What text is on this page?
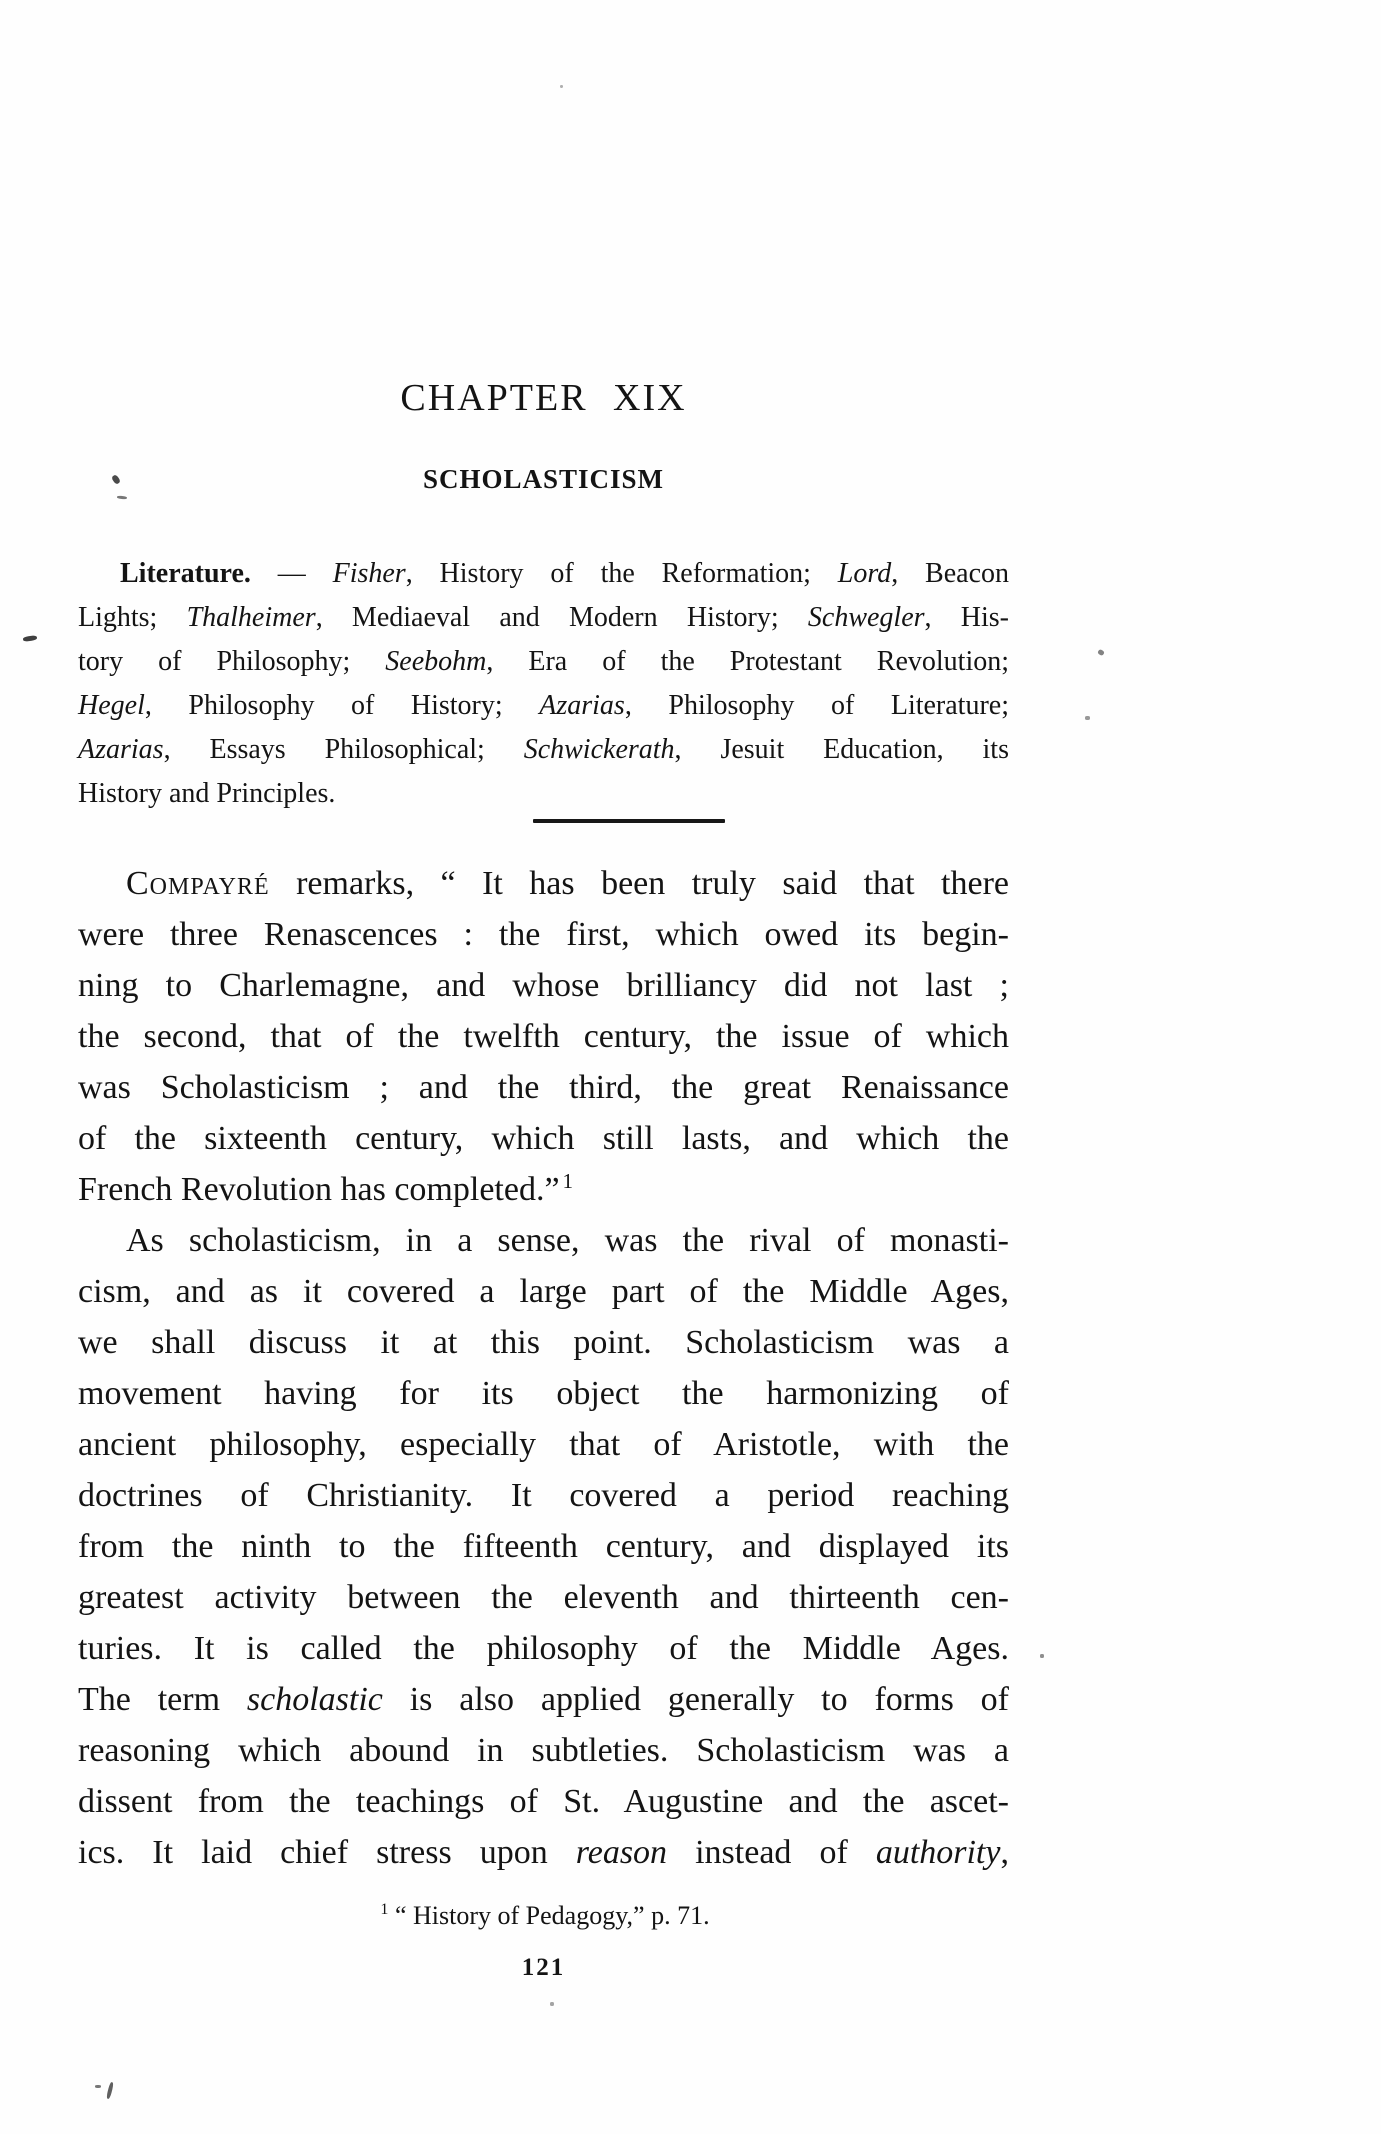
CHAPTER XIX
SCHOLASTICISM
Literature. — Fisher, History of the Reformation; Lord, Beacon
Lights; Thalheimer, Mediaeval and Modern History; Schwegler, His-
tory of Philosophy; Seebohm, Era of the Protestant Revolution;
Hegel, Philosophy of History; Azarias, Philosophy of Literature;
Azarias, Essays Philosophical; Schwickerath, Jesuit Education, its
History and Principles.
Compayré remarks, “ It has been truly said that there
were three Renascences : the first, which owed its begin-
ning to Charlemagne, and whose brilliancy did not last ;
the second, that of the twelfth century, the issue of which
was Scholasticism ; and the third, the great Renaissance
of the sixteenth century, which still lasts, and which the
French Revolution has completed.” $^1$
As scholasticism, in a sense, was the rival of monasti-
cism, and as it covered a large part of the Middle Ages,
we shall discuss it at this point. Scholasticism was a
movement having for its object the harmonizing of
ancient philosophy, especially that of Aristotle, with the
doctrines of Christianity. It covered a period reaching
from the ninth to the fifteenth century, and displayed its
greatest activity between the eleventh and thirteenth cen-
turies. It is called the philosophy of the Middle Ages.
The term scholastic is also applied generally to forms of
reasoning which abound in subtleties. Scholasticism was a
dissent from the teachings of St. Augustine and the ascet-
ics. It laid chief stress upon reason instead of authority,
$^1$ “ History of Pedagogy,” p. 71.
121
